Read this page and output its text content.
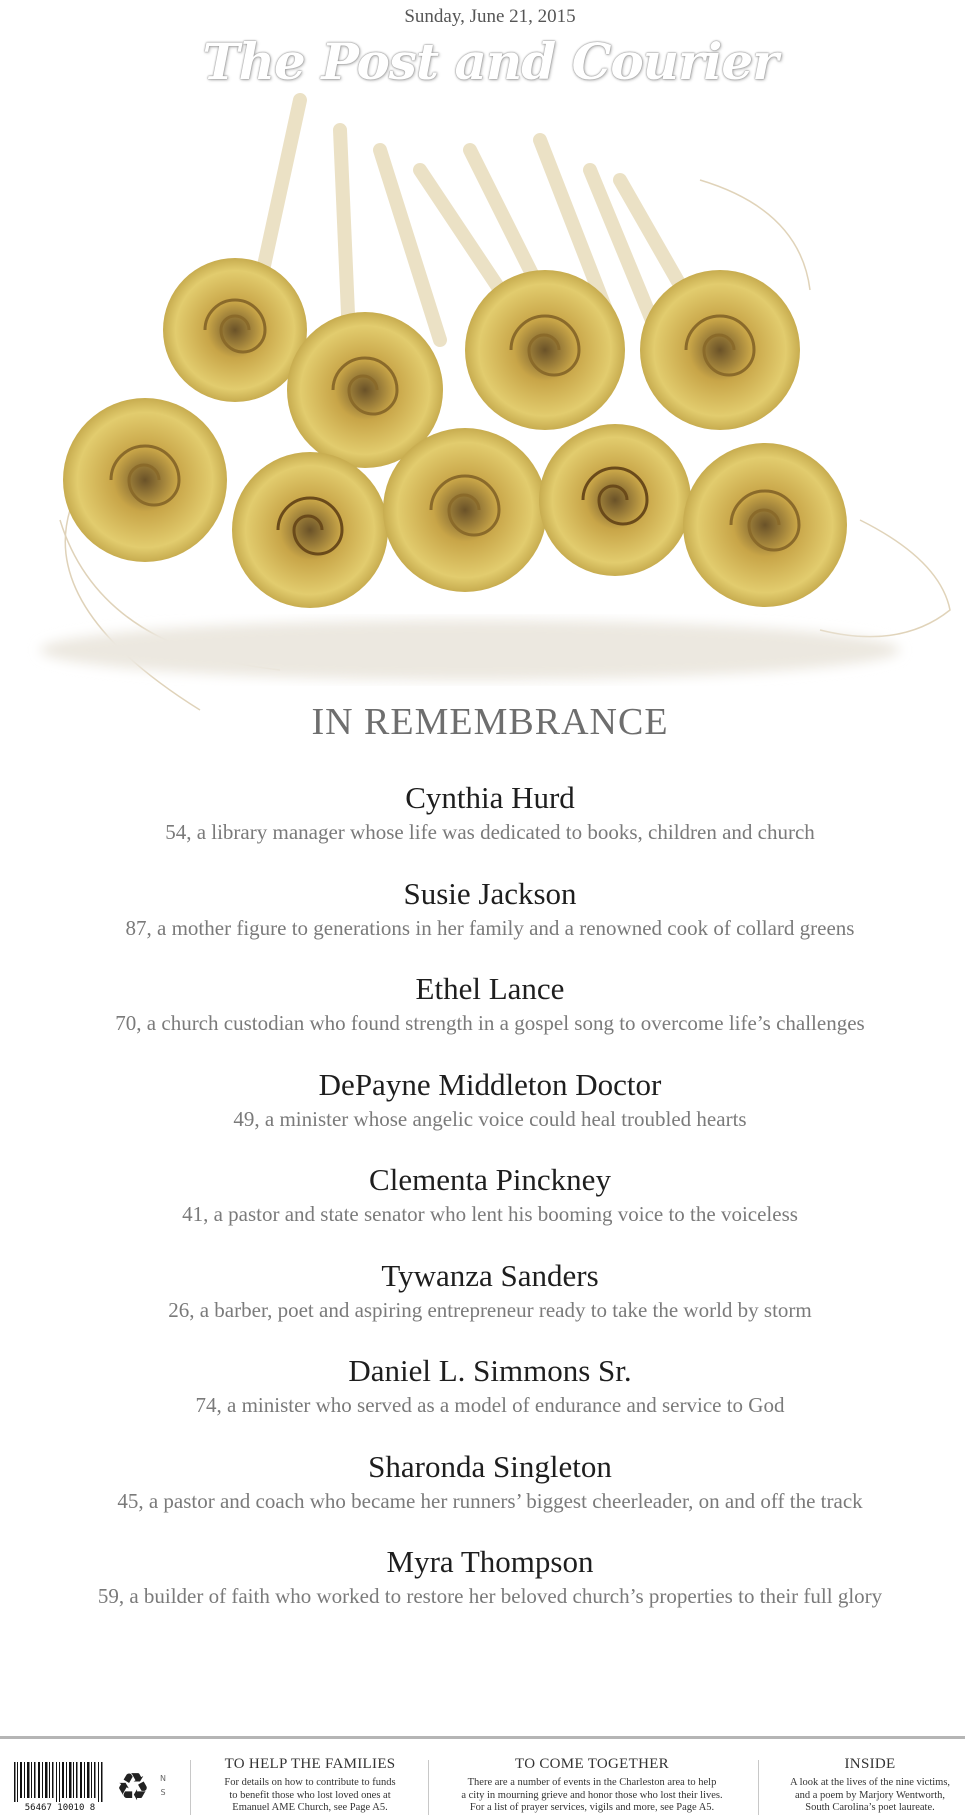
Sunday, June 21, 2015
The Post and Courier
IN REMEMBRANCE
Cynthia Hurd
54, a library manager whose life was dedicated to books, children and church
Susie Jackson
87, a mother figure to generations in her family and a renowned cook of collard greens
Ethel Lance
70, a church custodian who found strength in a gospel song to overcome life’s challenges
DePayne Middleton Doctor
49, a minister whose angelic voice could heal troubled hearts
Clementa Pinckney
41, a pastor and state senator who lent his booming voice to the voiceless
Tywanza Sanders
26, a barber, poet and aspiring entrepreneur ready to take the world by storm
Daniel L. Simmons Sr.
74, a minister who served as a model of endurance and service to God
Sharonda Singleton
45, a pastor and coach who became her runners’ biggest cheerleader, on and off the track
Myra Thompson
59, a builder of faith who worked to restore her beloved church’s properties to their full glory
56467 10010 8 ♻	N
S
TO HELP THE FAMILIES
For details on how to contribute to funds
to benefit those who lost loved ones at
Emanuel AME Church, see Page A5.
TO COME TOGETHER
There are a number of events in the Charleston area to help
a city in mourning grieve and honor those who lost their lives.
For a list of prayer services, vigils and more, see Page A5.
INSIDE
A look at the lives of the nine victims,
and a poem by Marjory Wentworth,
South Carolina’s poet laureate.
